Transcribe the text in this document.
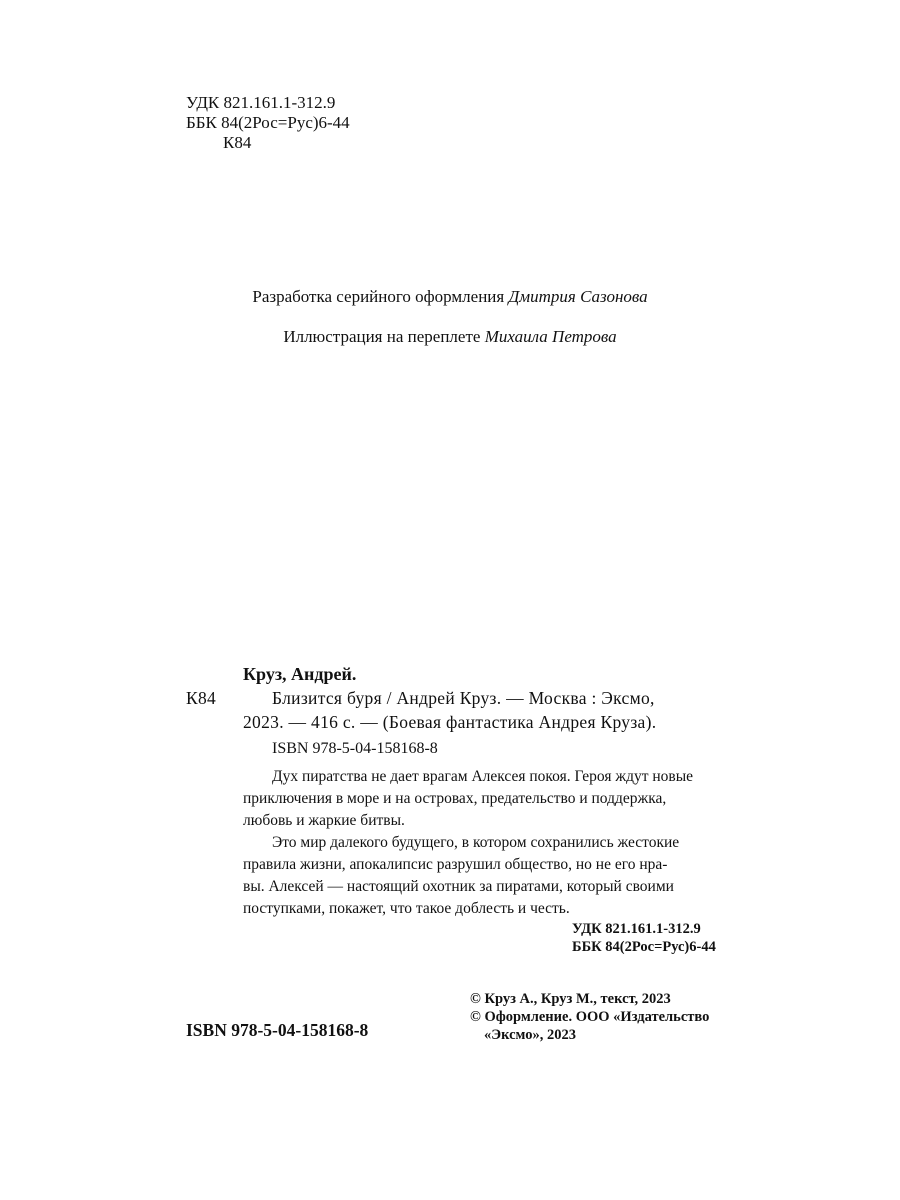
УДК 821.161.1-312.9
ББК 84(2Рос=Рус)6-44
К84
Разработка серийного оформления Дмитрия Сазонова
Иллюстрация на переплете Михаила Петрова
Круз, Андрей.
К84	Близится буря / Андрей Круз. — Москва : Эксмо,
2023. — 416 с. — (Боевая фантастика Андрея Круза).
ISBN 978-5-04-158168-8
Дух пиратства не дает врагам Алексея покоя. Героя ждут новые
приключения в море и на островах, предательство и поддержка,
любовь и жаркие битвы.
Это мир далекого будущего, в котором сохранились жестокие
правила жизни, апокалипсис разрушил общество, но не его нра-
вы. Алексей — настоящий охотник за пиратами, который своими
поступками, покажет, что такое доблесть и честь.
УДК 821.161.1-312.9
ББК 84(2Рос=Рус)6-44
ISBN 978-5-04-158168-8
© Круз А., Круз М., текст, 2023
© Оформление. ООО «Издательство
«Эксмо», 2023
